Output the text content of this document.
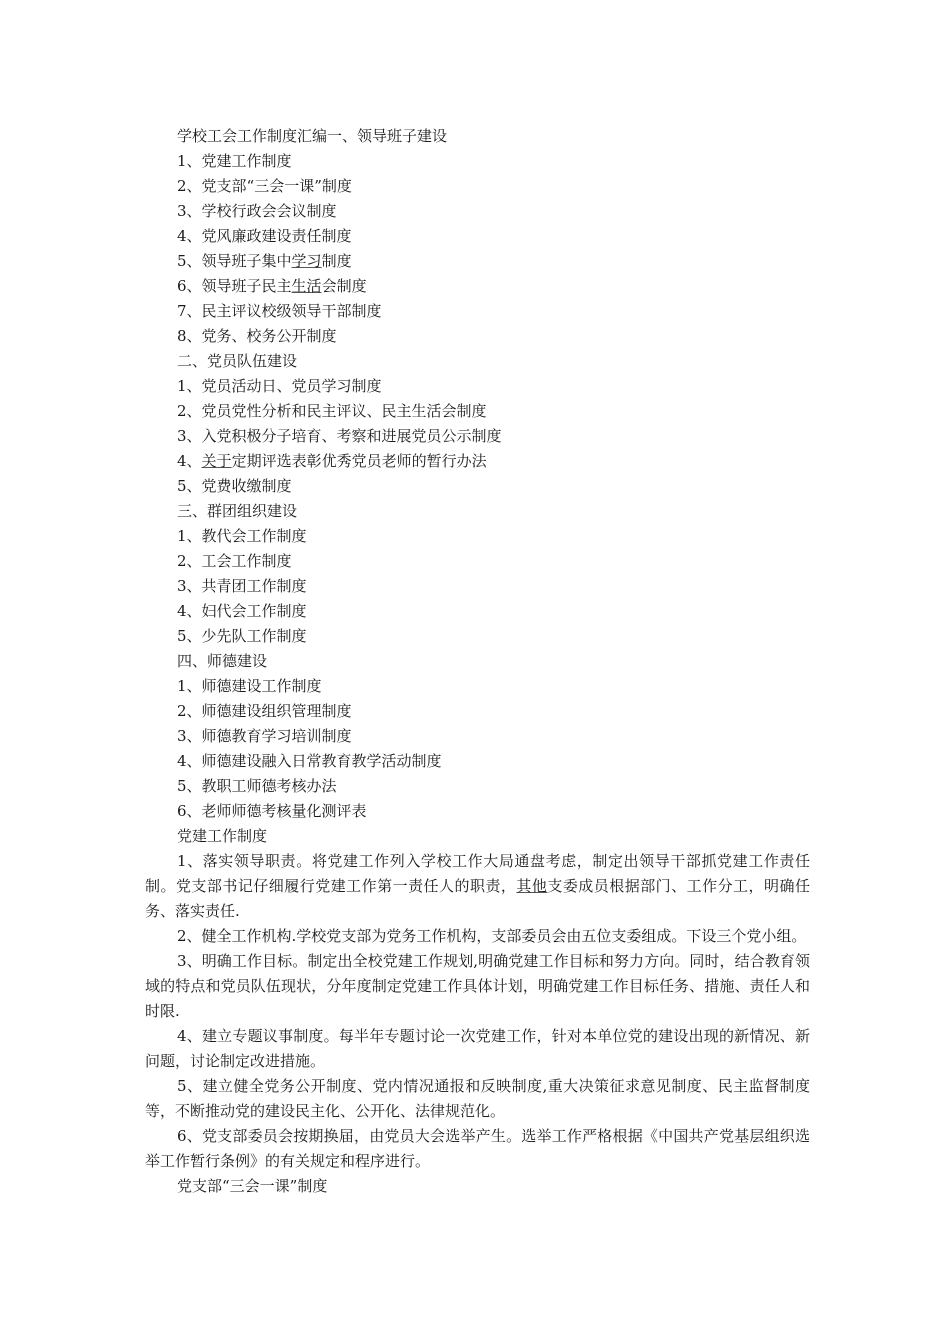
学校工会工作制度汇编一、领导班子建设
1、党建工作制度
2、党支部“三会一课”制度
3、学校行政会会议制度
4、党风廉政建设责任制度
5、领导班子集中学习制度
6、领导班子民主生活会制度
7、民主评议校级领导干部制度
8、党务、校务公开制度
二、党员队伍建设
1、党员活动日、党员学习制度
2、党员党性分析和民主评议、民主生活会制度
3、入党积极分子培育、考察和进展党员公示制度
4、关于定期评选表彰优秀党员老师的暂行办法
5、党费收缴制度
三、群团组织建设
1、教代会工作制度
2、工会工作制度
3、共青团工作制度
4、妇代会工作制度
5、少先队工作制度
四、师德建设
1、师德建设工作制度
2、师德建设组织管理制度
3、师德教育学习培训制度
4、师德建设融入日常教育教学活动制度
5、教职工师德考核办法
6、老师师德考核量化测评表
党建工作制度
1、落实领导职责。将党建工作列入学校工作大局通盘考虑，制定出领导干部抓党建工作责任制。党支部书记仔细履行党建工作第一责任人的职责，其他支委成员根据部门、工作分工，明确任务、落实责任.
2、健全工作机构.学校党支部为党务工作机构，支部委员会由五位支委组成。下设三个党小组。
3、明确工作目标。制定出全校党建工作规划,明确党建工作目标和努力方向。同时，结合教育领域的特点和党员队伍现状，分年度制定党建工作具体计划，明确党建工作目标任务、措施、责任人和时限.
4、建立专题议事制度。每半年专题讨论一次党建工作，针对本单位党的建设出现的新情况、新问题，讨论制定改进措施。
5、建立健全党务公开制度、党内情况通报和反映制度,重大决策征求意见制度、民主监督制度等，不断推动党的建设民主化、公开化、法律规范化。
6、党支部委员会按期换届，由党员大会选举产生。选举工作严格根据《中国共产党基层组织选举工作暂行条例》的有关规定和程序进行。
党支部“三会一课”制度
